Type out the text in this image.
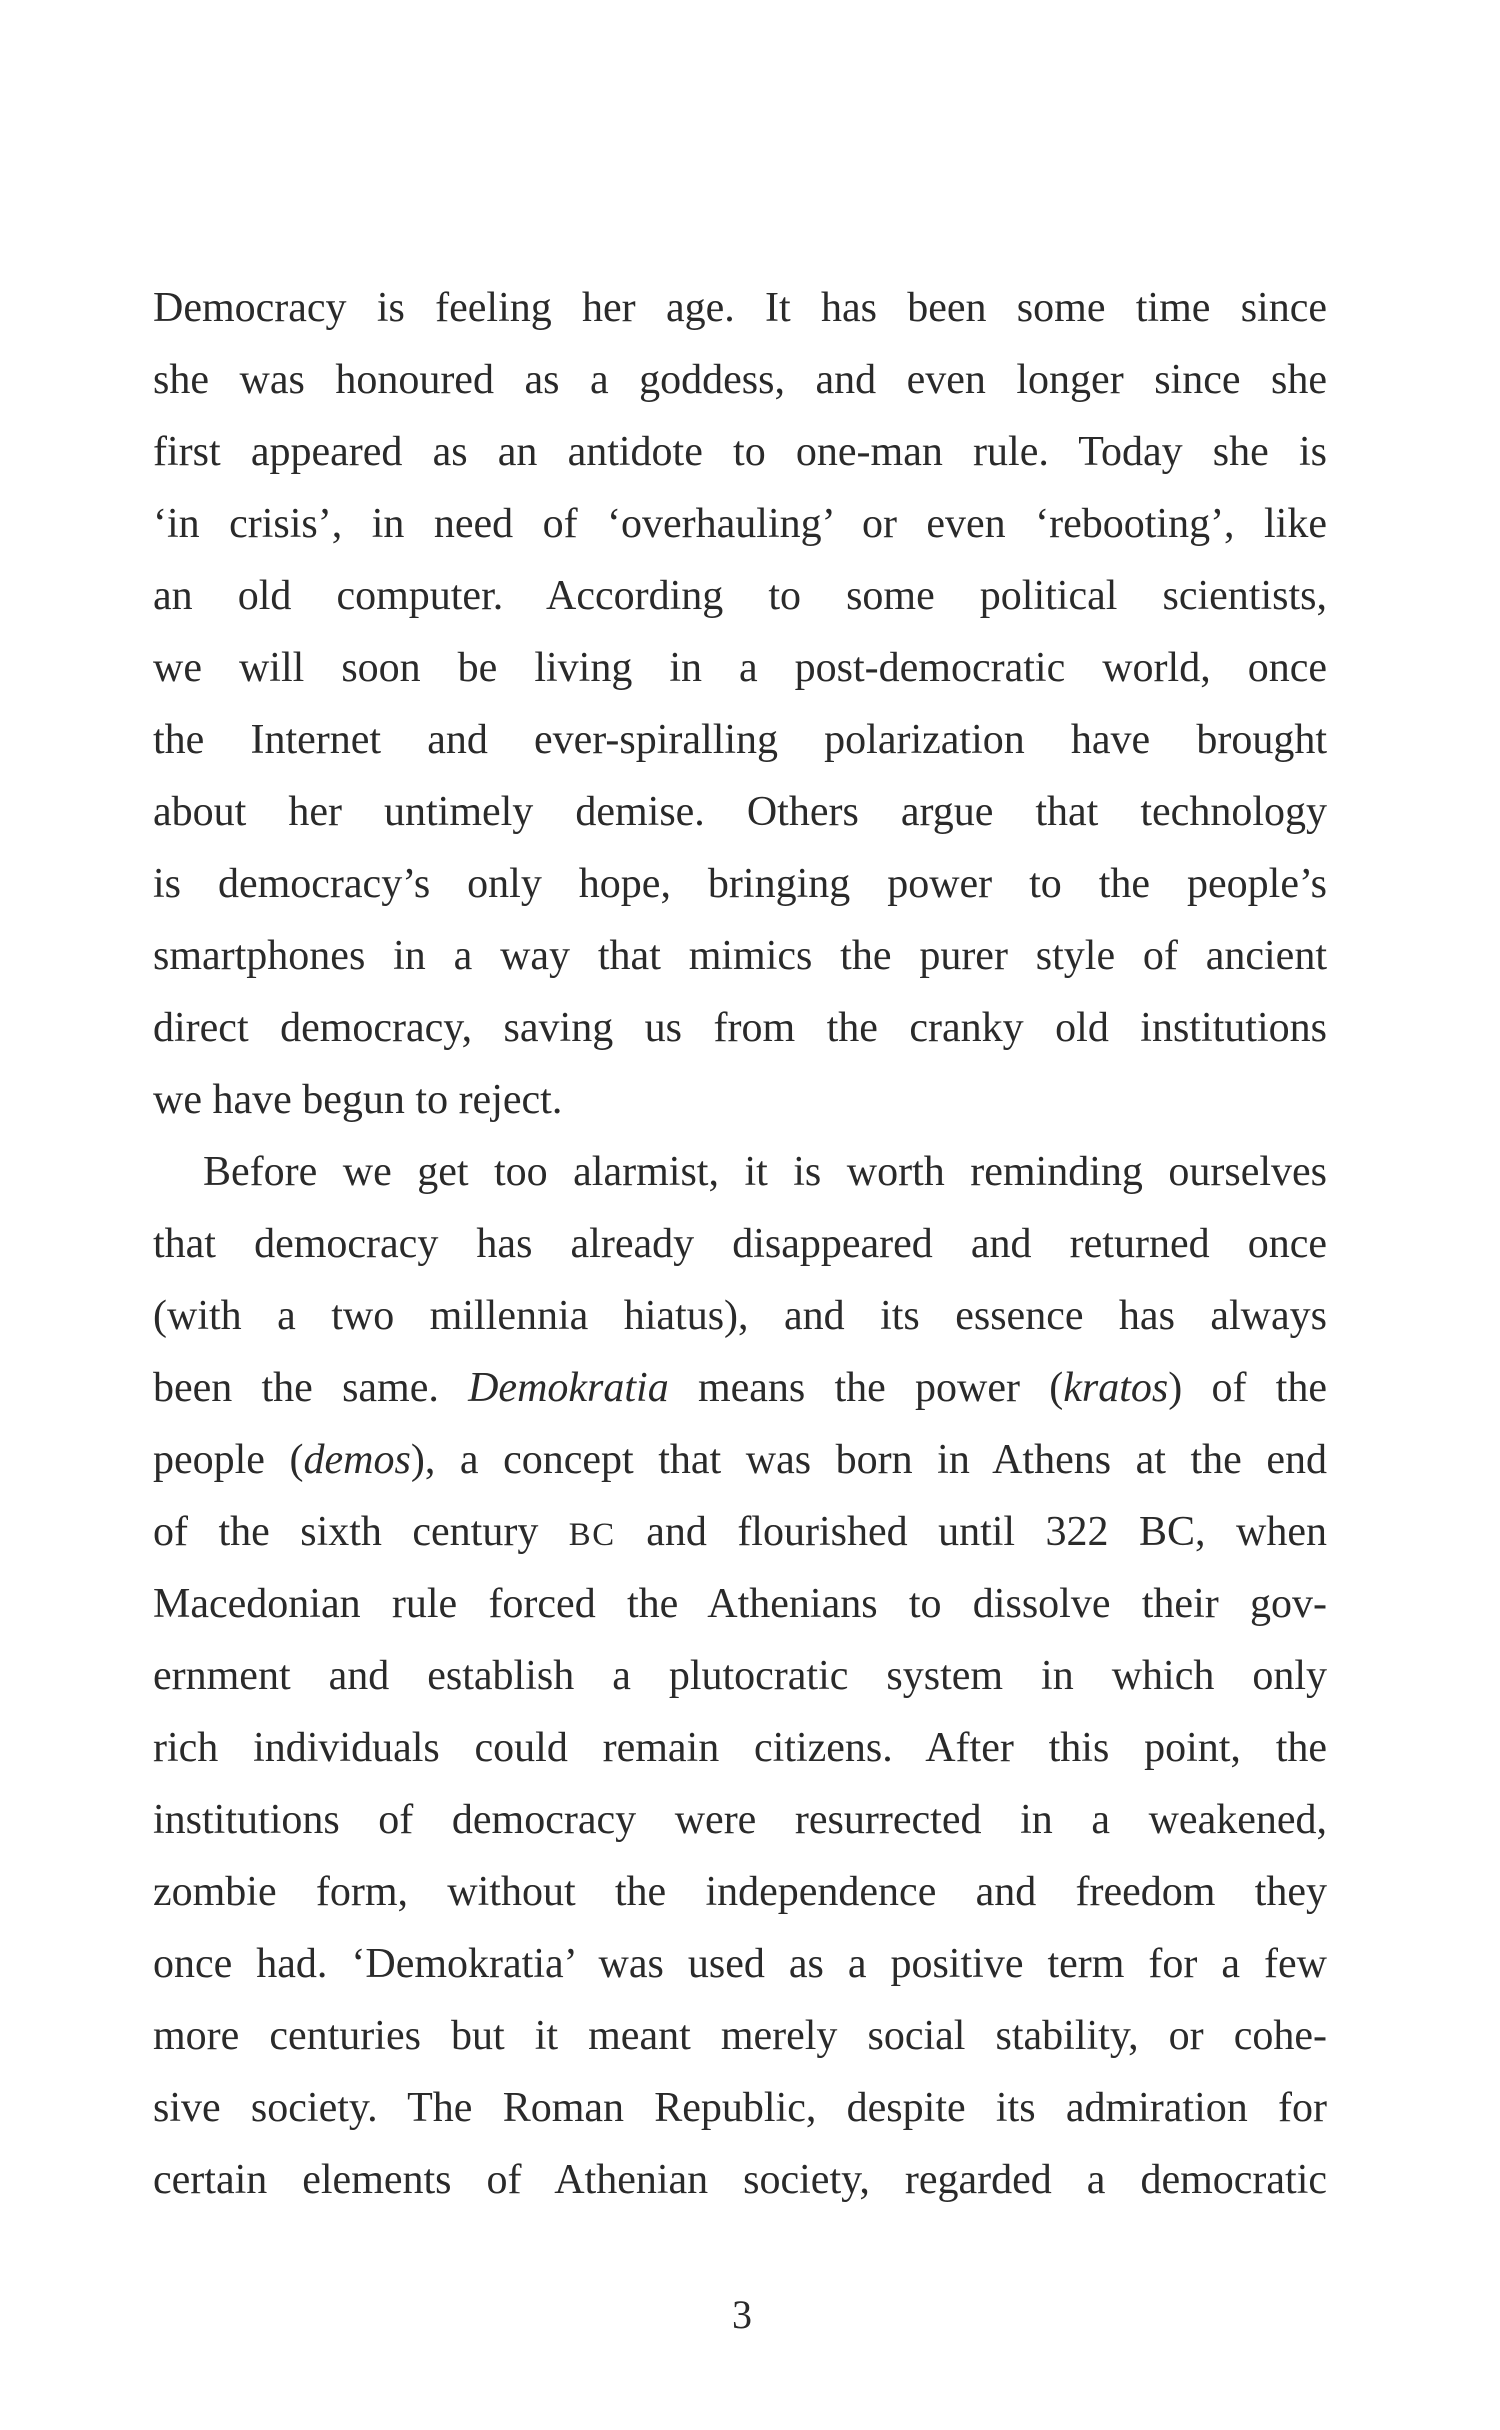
Democracy is feeling her age. It has been some time since
she was honoured as a goddess, and even longer since she
first appeared as an antidote to one-man rule. Today she is
‘in crisis’, in need of ‘overhauling’ or even ‘rebooting’, like
an old computer. According to some political scientists,
we will soon be living in a post-democratic world, once
the Internet and ever-spiralling polarization have brought
about her untimely demise. Others argue that technology
is democracy’s only hope, bringing power to the people’s
smartphones in a way that mimics the purer style of ancient
direct democracy, saving us from the cranky old institutions
we have begun to reject.
Before we get too alarmist, it is worth reminding ourselves
that democracy has already disappeared and returned once
(with a two millennia hiatus), and its essence has always
been the same. Demokratia means the power (kratos) of the
people (demos), a concept that was born in Athens at the end
of the sixth century BC and flourished until 322 BC, when
Macedonian rule forced the Athenians to dissolve their gov-
ernment and establish a plutocratic system in which only
rich individuals could remain citizens. After this point, the
institutions of democracy were resurrected in a weakened,
zombie form, without the independence and freedom they
once had. ‘Demokratia’ was used as a positive term for a few
more centuries but it meant merely social stability, or cohe-
sive society. The Roman Republic, despite its admiration for
certain elements of Athenian society, regarded a democratic
3
